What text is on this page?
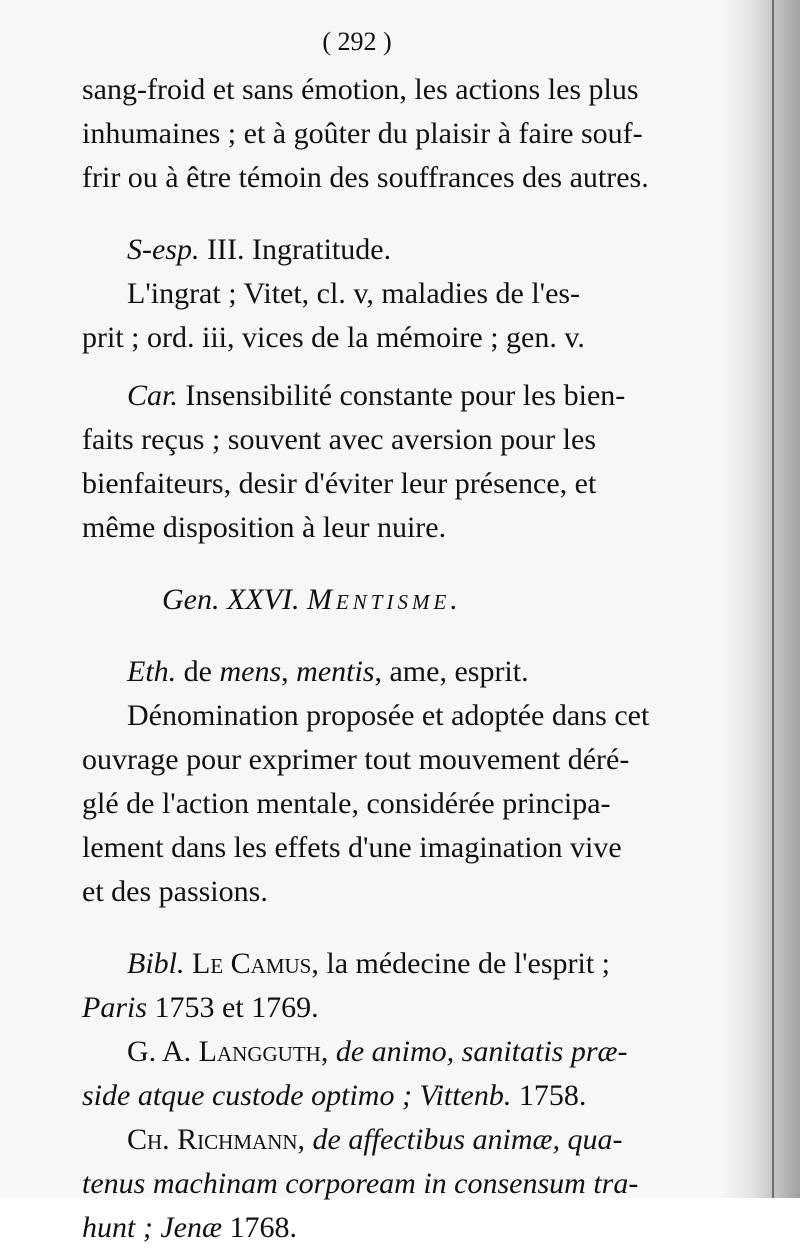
( 292 )
sang-froid et sans émotion, les actions les plus
inhumaines ; et à goûter du plaisir à faire souf-
frir ou à être témoin des souffrances des autres.
S-esp.
III. Ingratitude.
L'ingrat ; Vitet, cl. v, maladies de l'es-
prit ; ord. iii, vices de la mémoire ; gen. v.
Car.
Insensibilité constante pour les bien-
faits reçus ; souvent avec aversion pour les
bienfaiteurs, desir d'éviter leur présence, et
même disposition à leur nuire.
Gen. XXVI.
Mentisme.
Eth.
de
mens , mentis , ame, esprit.
Dénomination proposée et adoptée dans cet
ouvrage pour exprimer tout mouvement déré-
glé de l'action mentale, considérée principa-
lement dans les effets d'une imagination vive
et des passions.
Bibl.
Le Camus , la médecine de l'esprit ;
Paris
1753 et 1769.
G. A. Langguth , de animo, sanitatis præ-
side atque custode optimo ;
Vittenb.
1758.
Ch. Richmann , de affectibus animæ, qua-
tenus machinam corpoream in consensum tra-
hunt ;
Jenæ
1768.
